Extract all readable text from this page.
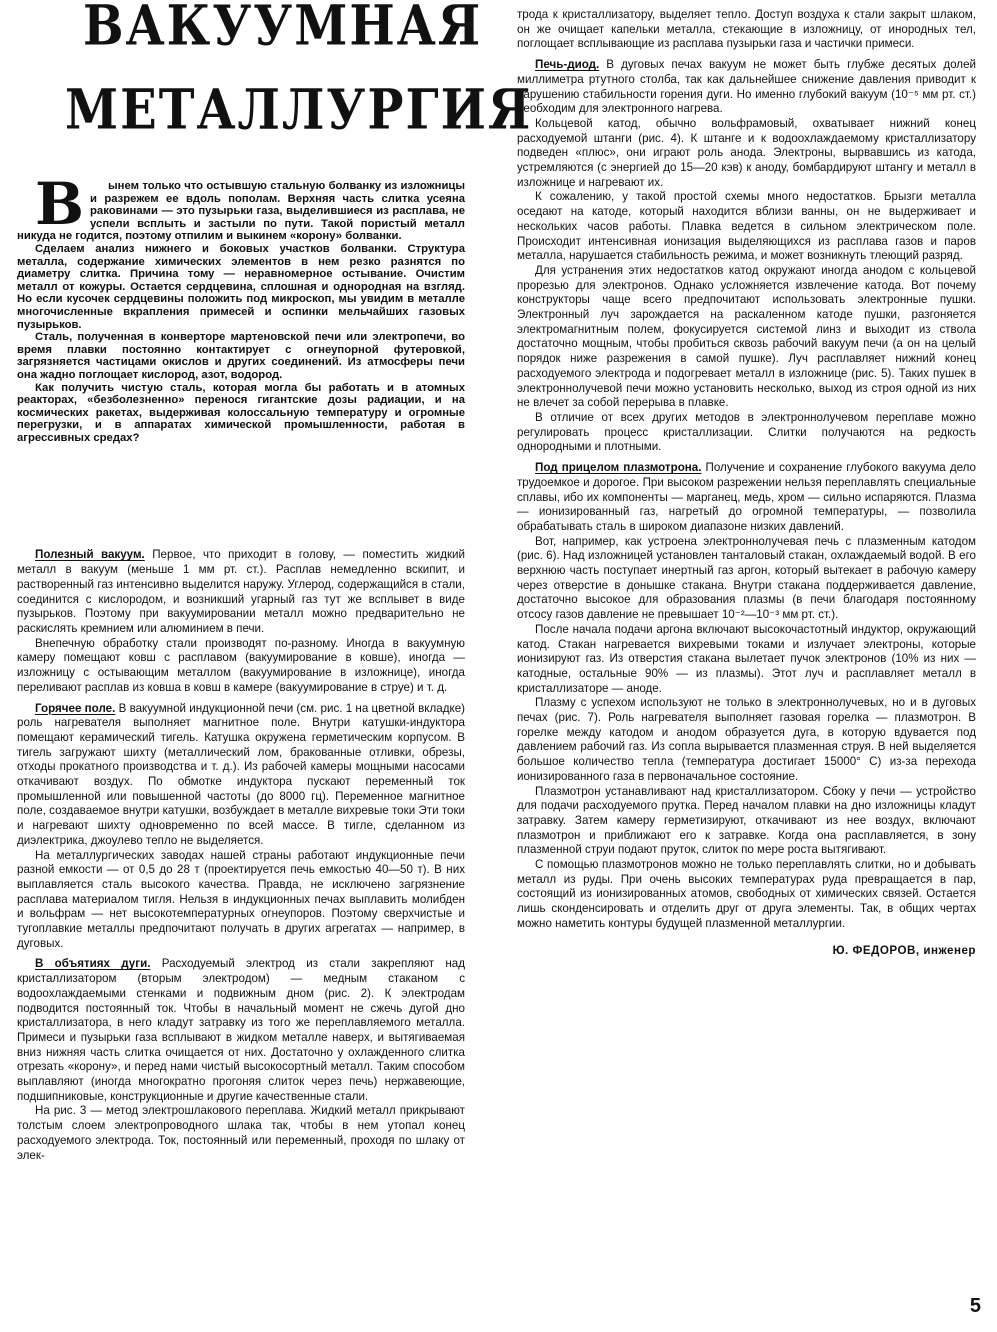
ВАКУУМНАЯ
МЕТАЛЛУРГИЯ

В ынем только что остывшую стальную болванку из изложницы и разрежем ее вдоль пополам. Верхняя часть слитка усеяна раковинами — это пузырьки газа, выделившиеся из расплава, не успели всплыть и застыли по пути. Такой пористый металл никуда не годится, поэтому отпилим и выкинем «корону» болванки.

Сделаем анализ нижнего и боковых участков болванки. Структура металла, содержание химических элементов в нем резко разнятся по диаметру слитка. Причина тому — неравномерное остывание. Очистим металл от кожуры. Остается сердцевина, сплошная и однородная на взгляд. Но если кусочек сердцевины положить под микроскоп, мы увидим в металле многочисленные вкрапления примесей и оспинки мельчайших газовых пузырьков.

Сталь, полученная в конверторе мартеновской печи или электропечи, во время плавки постоянно контактирует с огнеупорной футеровкой, загрязняется частицами окислов и других соединений. Из атмосферы печи она жадно поглощает кислород, азот, водород.

Как получить чистую сталь, которая могла бы работать и в атомных реакторах, «безболезненно» перенося гигантские дозы радиации, и на космических ракетах, выдерживая колоссальную температуру и огромные перегрузки, и в аппаратах химической промышленности, работая в агрессивных средах?

Полезный вакуум. Первое, что приходит в голову, — поместить жидкий металл в вакуум (меньше 1 мм рт. ст.). Расплав немедленно вскипит, и растворенный газ интенсивно выделится наружу. Углерод, содержащийся в стали, соединится с кислородом, и возникший угарный газ тут же всплывет в виде пузырьков. Поэтому при вакуумировании металл можно предварительно не раскислять кремнием или алюминием в печи.

Внепечную обработку стали производят по-разному. Иногда в вакуумную камеру помещают ковш с расплавом (вакуумирование в ковше), иногда — изложницу с остывающим металлом (вакуумирование в изложнице), иногда переливают расплав из ковша в ковш в камере (вакуумирование в струе) и т. д.

Горячее поле. В вакуумной индукционной печи (см. рис. 1 на цветной вкладке) роль нагревателя выполняет магнитное поле. Внутри катушки-индуктора помещают керамический тигель. Катушка окружена герметическим корпусом. В тигель загружают шихту (металлический лом, бракованные отливки, обрезы, отходы прокатного производства и т. д.). Из рабочей камеры мощными насосами откачивают воздух. По обмотке индуктора пускают переменный ток промышленной или повышенной частоты (до 8000 гц). Переменное магнитное поле, создаваемое внутри катушки, возбуждает в металле вихревые токи Эти токи и нагревают шихту одновременно по всей массе. В тигле, сделанном из диэлектрика, джоулево тепло не выделяется.

На металлургических заводах нашей страны работают индукционные печи разной емкости — от 0,5 до 28 т (проектируется печь емкостью 40—50 т). В них выплавляется сталь высокого качества. Правда, не исключено загрязнение расплава материалом тигля. Нельзя в индукционных печах выплавить молибден и вольфрам — нет высокотемпературных огнеупоров. Поэтому сверхчистые и тугоплавкие металлы предпочитают получать в других агрегатах — например, в дуговых.

В объятиях дуги. Расходуемый электрод из стали закрепляют над кристаллизатором (вторым электродом) — медным стаканом с водоохлаждаемыми стенками и подвижным дном (рис. 2). К электродам подводится постоянный ток. Чтобы в начальный момент не сжечь дугой дно кристаллизатора, в него кладут затравку из того же переплавляемого металла. Примеси и пузырьки газа всплывают в жидком металле наверх, и вытягиваемая вниз нижняя часть слитка очищается от них. Достаточно у охлажденного слитка отрезать «корону», и перед нами чистый высокосортный металл. Таким способом выплавляют (иногда многократно прогоняя слиток через печь) нержавеющие, подшипниковые, конструкционные и другие качественные стали.

На рис. 3 — метод электрошлакового переплава. Жидкий металл прикрывают толстым слоем электропроводного шлака так, чтобы в нем утопал конец расходуемого электрода. Ток, постоянный или переменный, проходя по шлаку от элек-

трода к кристаллизатору, выделяет тепло. Доступ воздуха к стали закрыт шлаком, он же очищает капельки металла, стекающие в изложницу, от инородных тел, поглощает всплывающие из расплава пузырьки газа и частички примеси.

Печь-диод. В дуговых печах вакуум не может быть глубже десятых долей миллиметра ртутного столба, так как дальнейшее снижение давления приводит к нарушению стабильности горения дуги. Но именно глубокий вакуум (10⁻⁵ мм рт. ст.) необходим для электронного нагрева.

Кольцевой катод, обычно вольфрамовый, охватывает нижний конец расходуемой штанги (рис. 4). К штанге и к водоохлаждаемому кристаллизатору подведен «плюс», они играют роль анода. Электроны, вырвавшись из катода, устремляются (с энергией до 15—20 кэв) к аноду, бомбардируют штангу и металл в изложнице и нагревают их.

К сожалению, у такой простой схемы много недостатков. Брызги металла оседают на катоде, который находится вблизи ванны, он не выдерживает и нескольких часов работы. Плавка ведется в сильном электрическом поле. Происходит интенсивная ионизация выделяющихся из расплава газов и паров металла, нарушается стабильность режима, и может возникнуть тлеющий разряд.

Для устранения этих недостатков катод окружают иногда анодом с кольцевой прорезью для электронов. Однако усложняется извлечение катода. Вот почему конструкторы чаще всего предпочитают использовать электронные пушки. Электронный луч зарождается на раскаленном катоде пушки, разгоняется электромагнитным полем, фокусируется системой линз и выходит из ствола достаточно мощным, чтобы пробиться сквозь рабочий вакуум печи (а он на целый порядок ниже разрежения в самой пушке). Луч расплавляет нижний конец расходуемого электрода и подогревает металл в изложнице (рис. 5). Таких пушек в электроннолучевой печи можно установить несколько, выход из строя одной из них не влечет за собой перерыва в плавке.

В отличие от всех других методов в электроннолучевом переплаве можно регулировать процесс кристаллизации. Слитки получаются на редкость однородными и плотными.

Под прицелом плазмотрона. Получение и сохранение глубокого вакуума дело трудоемкое и дорогое. При высоком разрежении нельзя переплавлять специальные сплавы, ибо их компоненты — марганец, медь, хром — сильно испаряются. Плазма — ионизированный газ, нагретый до огромной температуры, — позволила обрабатывать сталь в широком диапазоне низких давлений.

Вот, например, как устроена электроннолучевая печь с плазменным катодом (рис. 6). Над изложницей установлен танталовый стакан, охлаждаемый водой. В его верхнюю часть поступает инертный газ аргон, который вытекает в рабочую камеру через отверстие в донышке стакана. Внутри стакана поддерживается давление, достаточно высокое для образования плазмы (в печи благодаря постоянному отсосу газов давление не превышает 10⁻²—10⁻³ мм рт. ст.).

После начала подачи аргона включают высокочастотный индуктор, окружающий катод. Стакан нагревается вихревыми токами и излучает электроны, которые ионизируют газ. Из отверстия стакана вылетает пучок электронов (10% из них — катодные, остальные 90% — из плазмы). Этот луч и расплавляет металл в кристаллизаторе — аноде.

Плазму с успехом используют не только в электроннолучевых, но и в дуговых печах (рис. 7). Роль нагревателя выполняет газовая горелка — плазмотрон. В горелке между катодом и анодом образуется дуга, в которую вдувается под давлением рабочий газ. Из сопла вырывается плазменная струя. В ней выделяется большое количество тепла (температура достигает 15000° С) из-за перехода ионизированного газа в первоначальное состояние.

Плазмотрон устанавливают над кристаллизатором. Сбоку у печи — устройство для подачи расходуемого прутка. Перед началом плавки на дно изложницы кладут затравку. Затем камеру герметизируют, откачивают из нее воздух, включают плазмотрон и приближают его к затравке. Когда она расплавляется, в зону плазменной струи подают пруток, слиток по мере роста вытягивают.

С помощью плазмотронов можно не только переплавлять слитки, но и добывать металл из руды. При очень высоких температурах руда превращается в пар, состоящий из ионизированных атомов, свободных от химических связей. Остается лишь сконденсировать и отделить друг от друга элементы. Так, в общих чертах можно наметить контуры будущей плазменной металлургии.

Ю. ФЕДОРОВ, инженер
5
